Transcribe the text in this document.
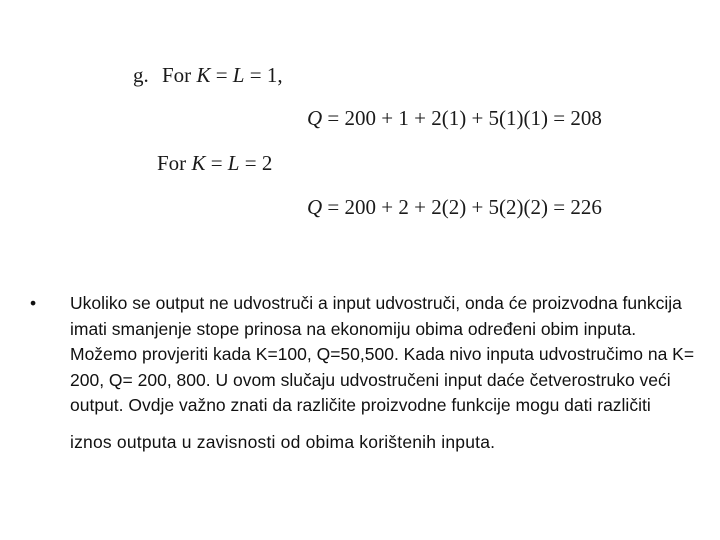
g. For K = L = 1,
Q = 200 + 1 + 2(1) + 5(1)(1) = 208
For K = L = 2
Q = 200 + 2 + 2(2) + 5(2)(2) = 226
• Ukoliko se output ne udvostruči a input udvostruči, onda će proizvodna funkcija imati smanjenje stope prinosa na ekonomiju obima određeni obim inputa. Možemo provjeriti kada K=100, Q=50,500. Kada nivo inputa udvostručimo na K= 200, Q= 200, 800. U ovom slučaju udvostručeni input daće četverostruko veći output. Ovdje važno znati da različite proizvodne funkcije mogu dati različiti
iznos outputa u zavisnosti od obima korištenih inputa.
